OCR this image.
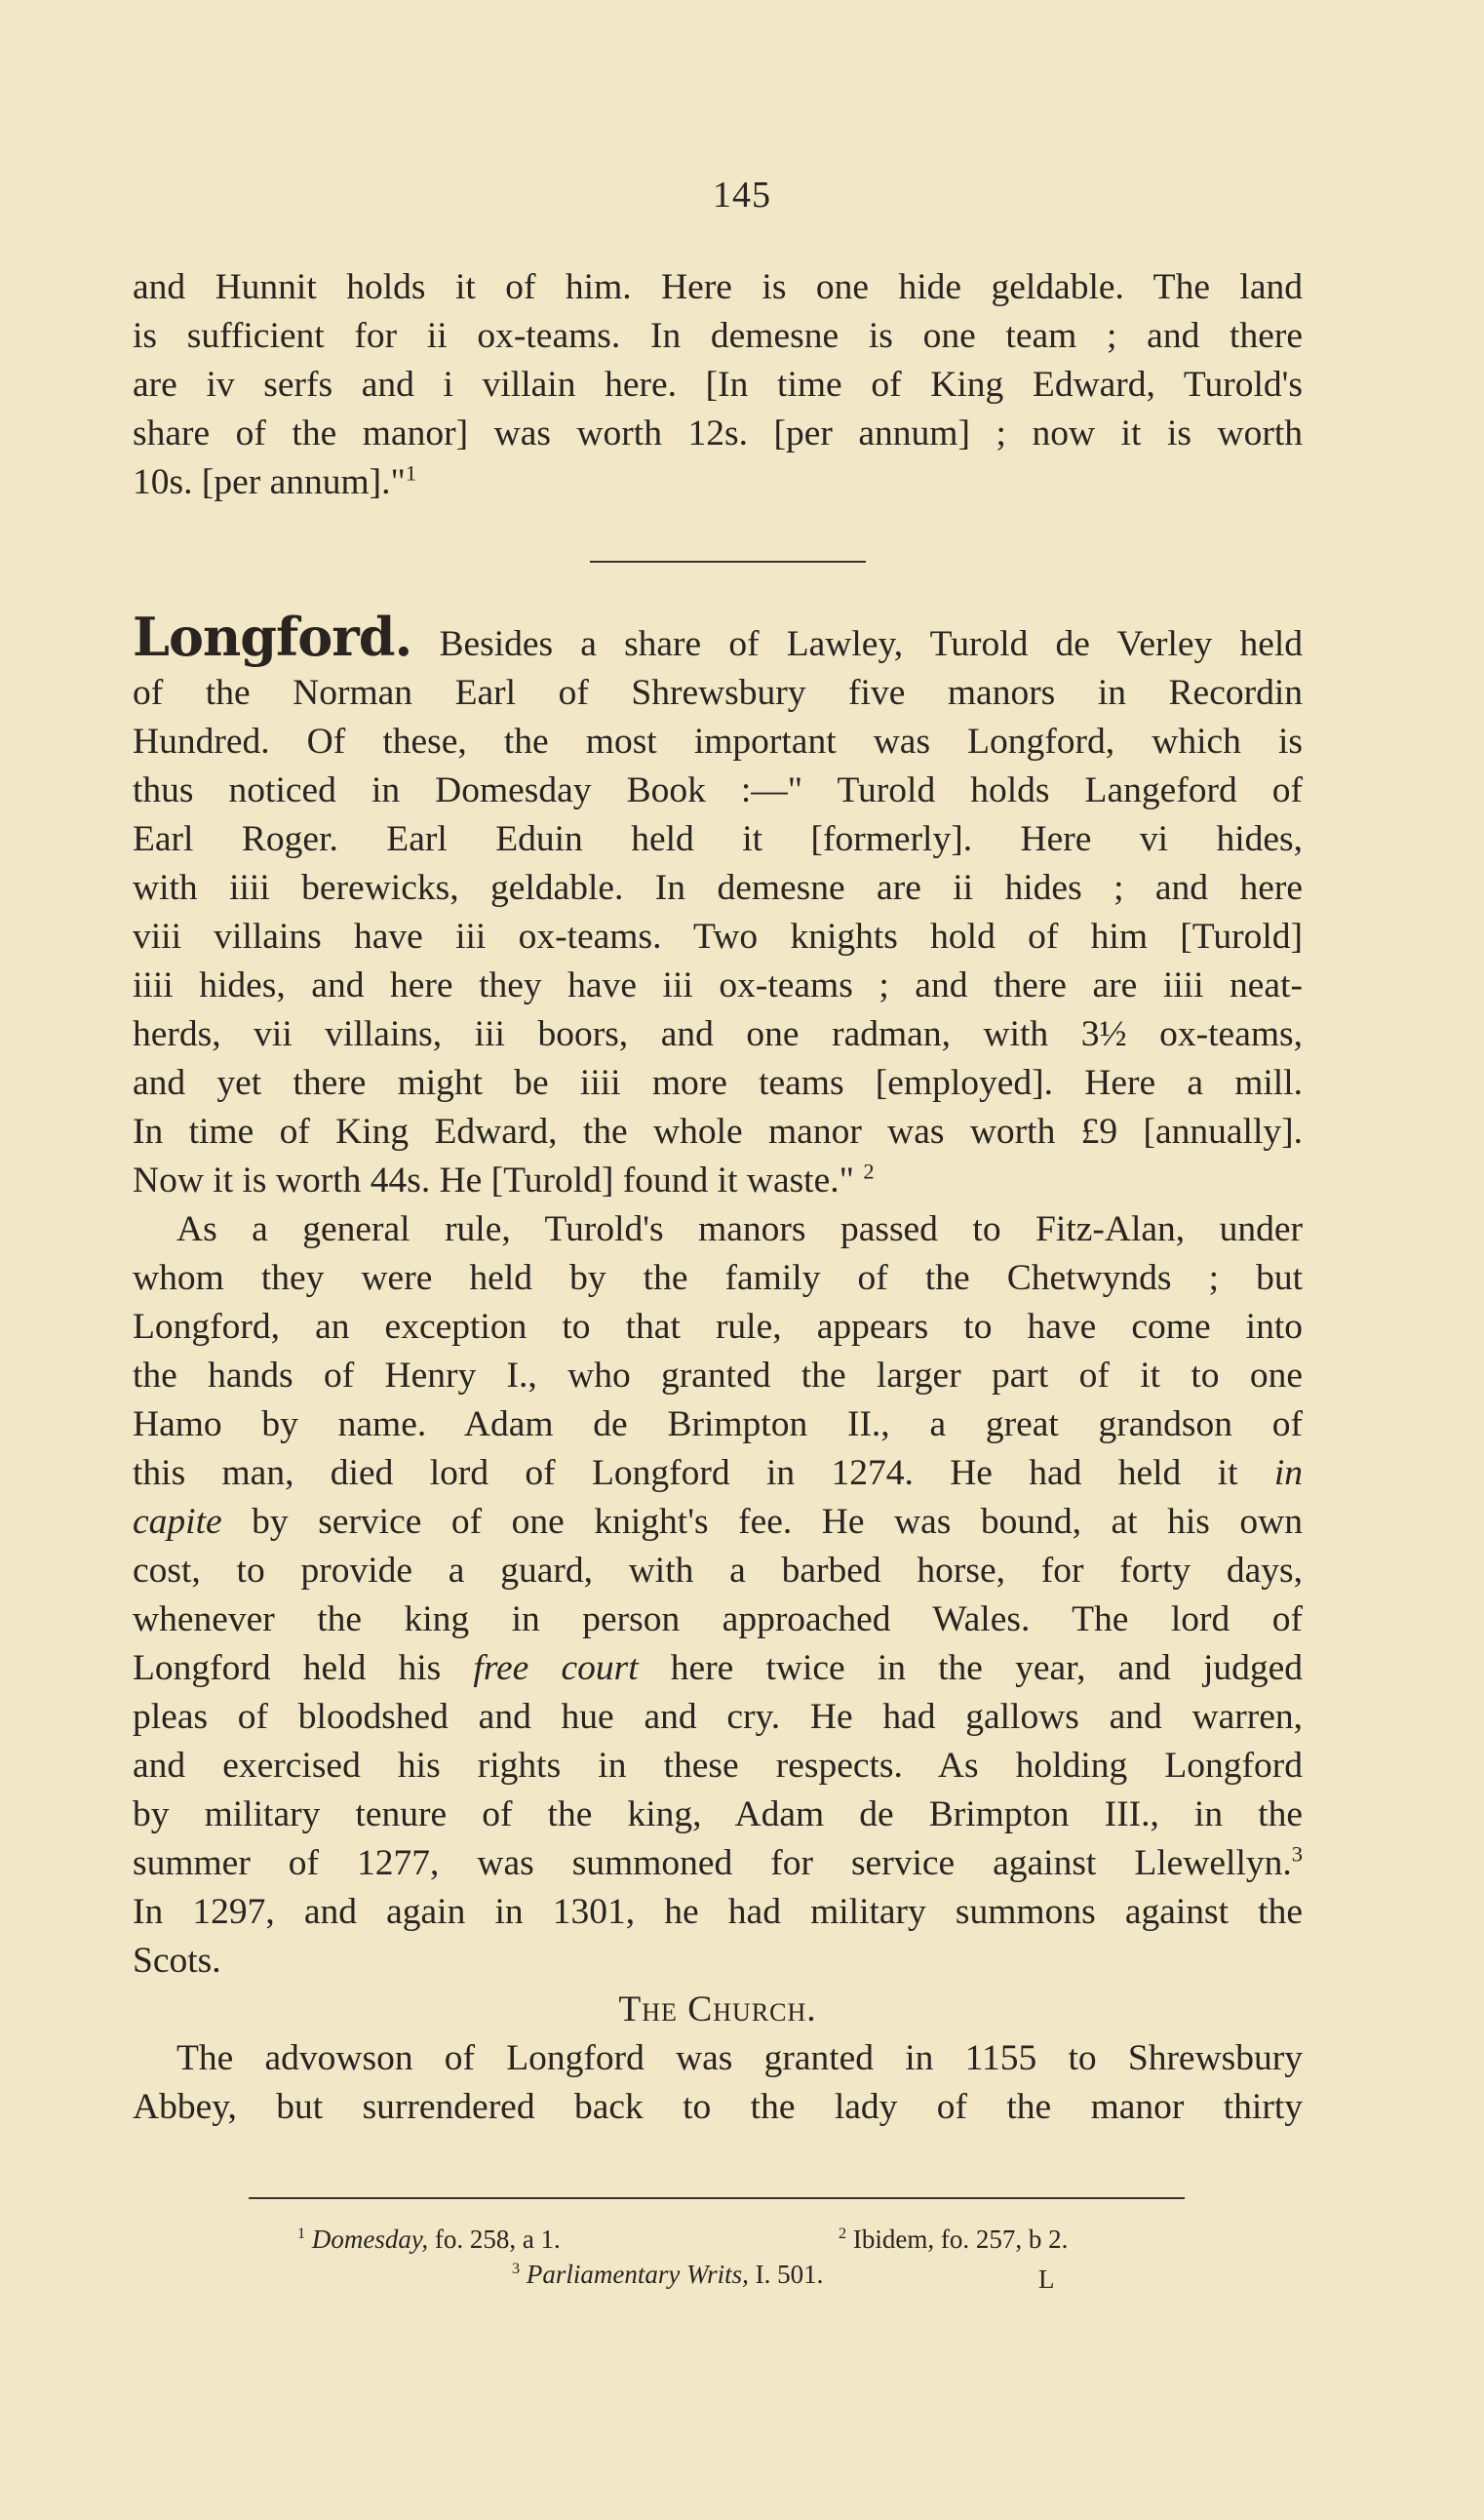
145
and Hunnit holds it of him. Here is one hide geldable. The land
is sufficient for ii ox-teams. In demesne is one team ; and there
are iv serfs and i villain here. [In time of King Edward, Turold's
share of the manor] was worth 12s. [per annum] ; now it is worth
10s. [per annum]."$^1$
Longford. Besides a share of Lawley, Turold de Verley held
of the Norman Earl of Shrewsbury five manors in Recordin
Hundred. Of these, the most important was Longford, which is
thus noticed in Domesday Book :—" Turold holds Langeford of
Earl Roger. Earl Eduin held it [formerly]. Here vi hides,
with iiii berewicks, geldable. In demesne are ii hides ; and here
viii villains have iii ox-teams. Two knights hold of him [Turold]
iiii hides, and here they have iii ox-teams ; and there are iiii neat-
herds, vii villains, iii boors, and one radman, with 3½ ox-teams,
and yet there might be iiii more teams [employed]. Here a mill.
In time of King Edward, the whole manor was worth £9 [annually].
Now it is worth 44s. He [Turold] found it waste." $^2$
As a general rule, Turold's manors passed to Fitz-Alan, under
whom they were held by the family of the Chetwynds ; but
Longford, an exception to that rule, appears to have come into
the hands of Henry I., who granted the larger part of it to one
Hamo by name. Adam de Brimpton II., a great grandson of
this man, died lord of Longford in 1274. He had held it in
capite by service of one knight's fee. He was bound, at his own
cost, to provide a guard, with a barbed horse, for forty days,
whenever the king in person approached Wales. The lord of
Longford held his free court here twice in the year, and judged
pleas of bloodshed and hue and cry. He had gallows and warren,
and exercised his rights in these respects. As holding Longford
by military tenure of the king, Adam de Brimpton III., in the
summer of 1277, was summoned for service against Llewellyn.$^3$
In 1297, and again in 1301, he had military summons against the
Scots.
The Church.
The advowson of Longford was granted in 1155 to Shrewsbury
Abbey, but surrendered back to the lady of the manor thirty
$^1$ Domesday, fo. 258, a 1.	$^2$ Ibidem, fo. 257, b 2.
$^3$ Parliamentary Writs, I. 501.	L
